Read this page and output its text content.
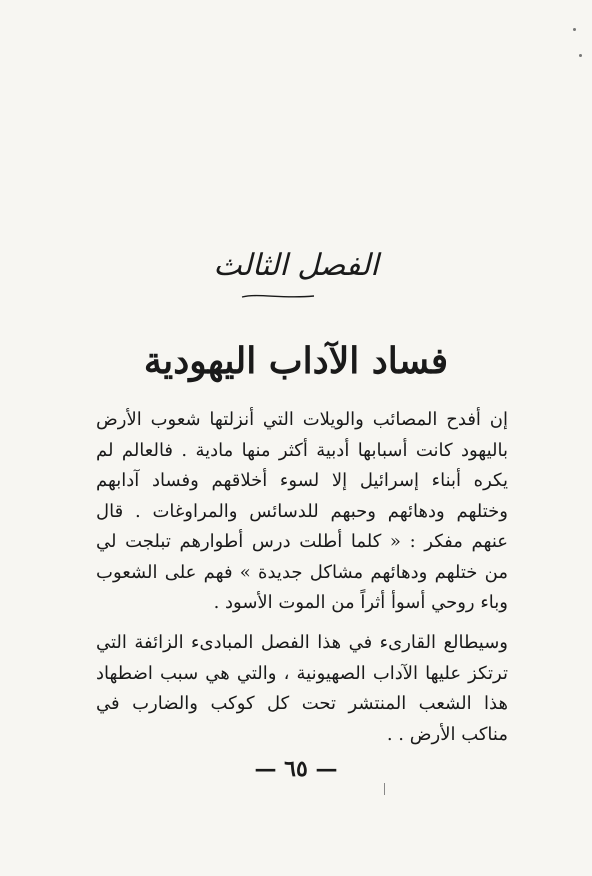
الفصل الثالث
فساد الآداب اليهودية

إن أفدح المصائب والويلات التي أنزلتها شعوب الأرض باليهود كانت أسبابها أدبية أكثر منها مادية . فالعالم لم يكره أبناء إسرائيل إلا لسوء أخلاقهم وفساد آدابهم وختلهم ودهائهم وحبهم للدسائس والمراوغات . قال عنهم مفكر : « كلما أطلت درس أطوارهم تبلجت لي من ختلهم ودهائهم مشاكل جديدة » فهم على الشعوب وباء روحي أسوأ أثراً من الموت الأسود .

وسيطالع القارىء في هذا الفصل المبادىء الزائفة التي ترتكز عليها الآداب الصهيونية ، والتي هي سبب اضطهاد هذا الشعب المنتشر تحت كل كوكب والضارب في مناكب الأرض . .

— ٦٥ —
